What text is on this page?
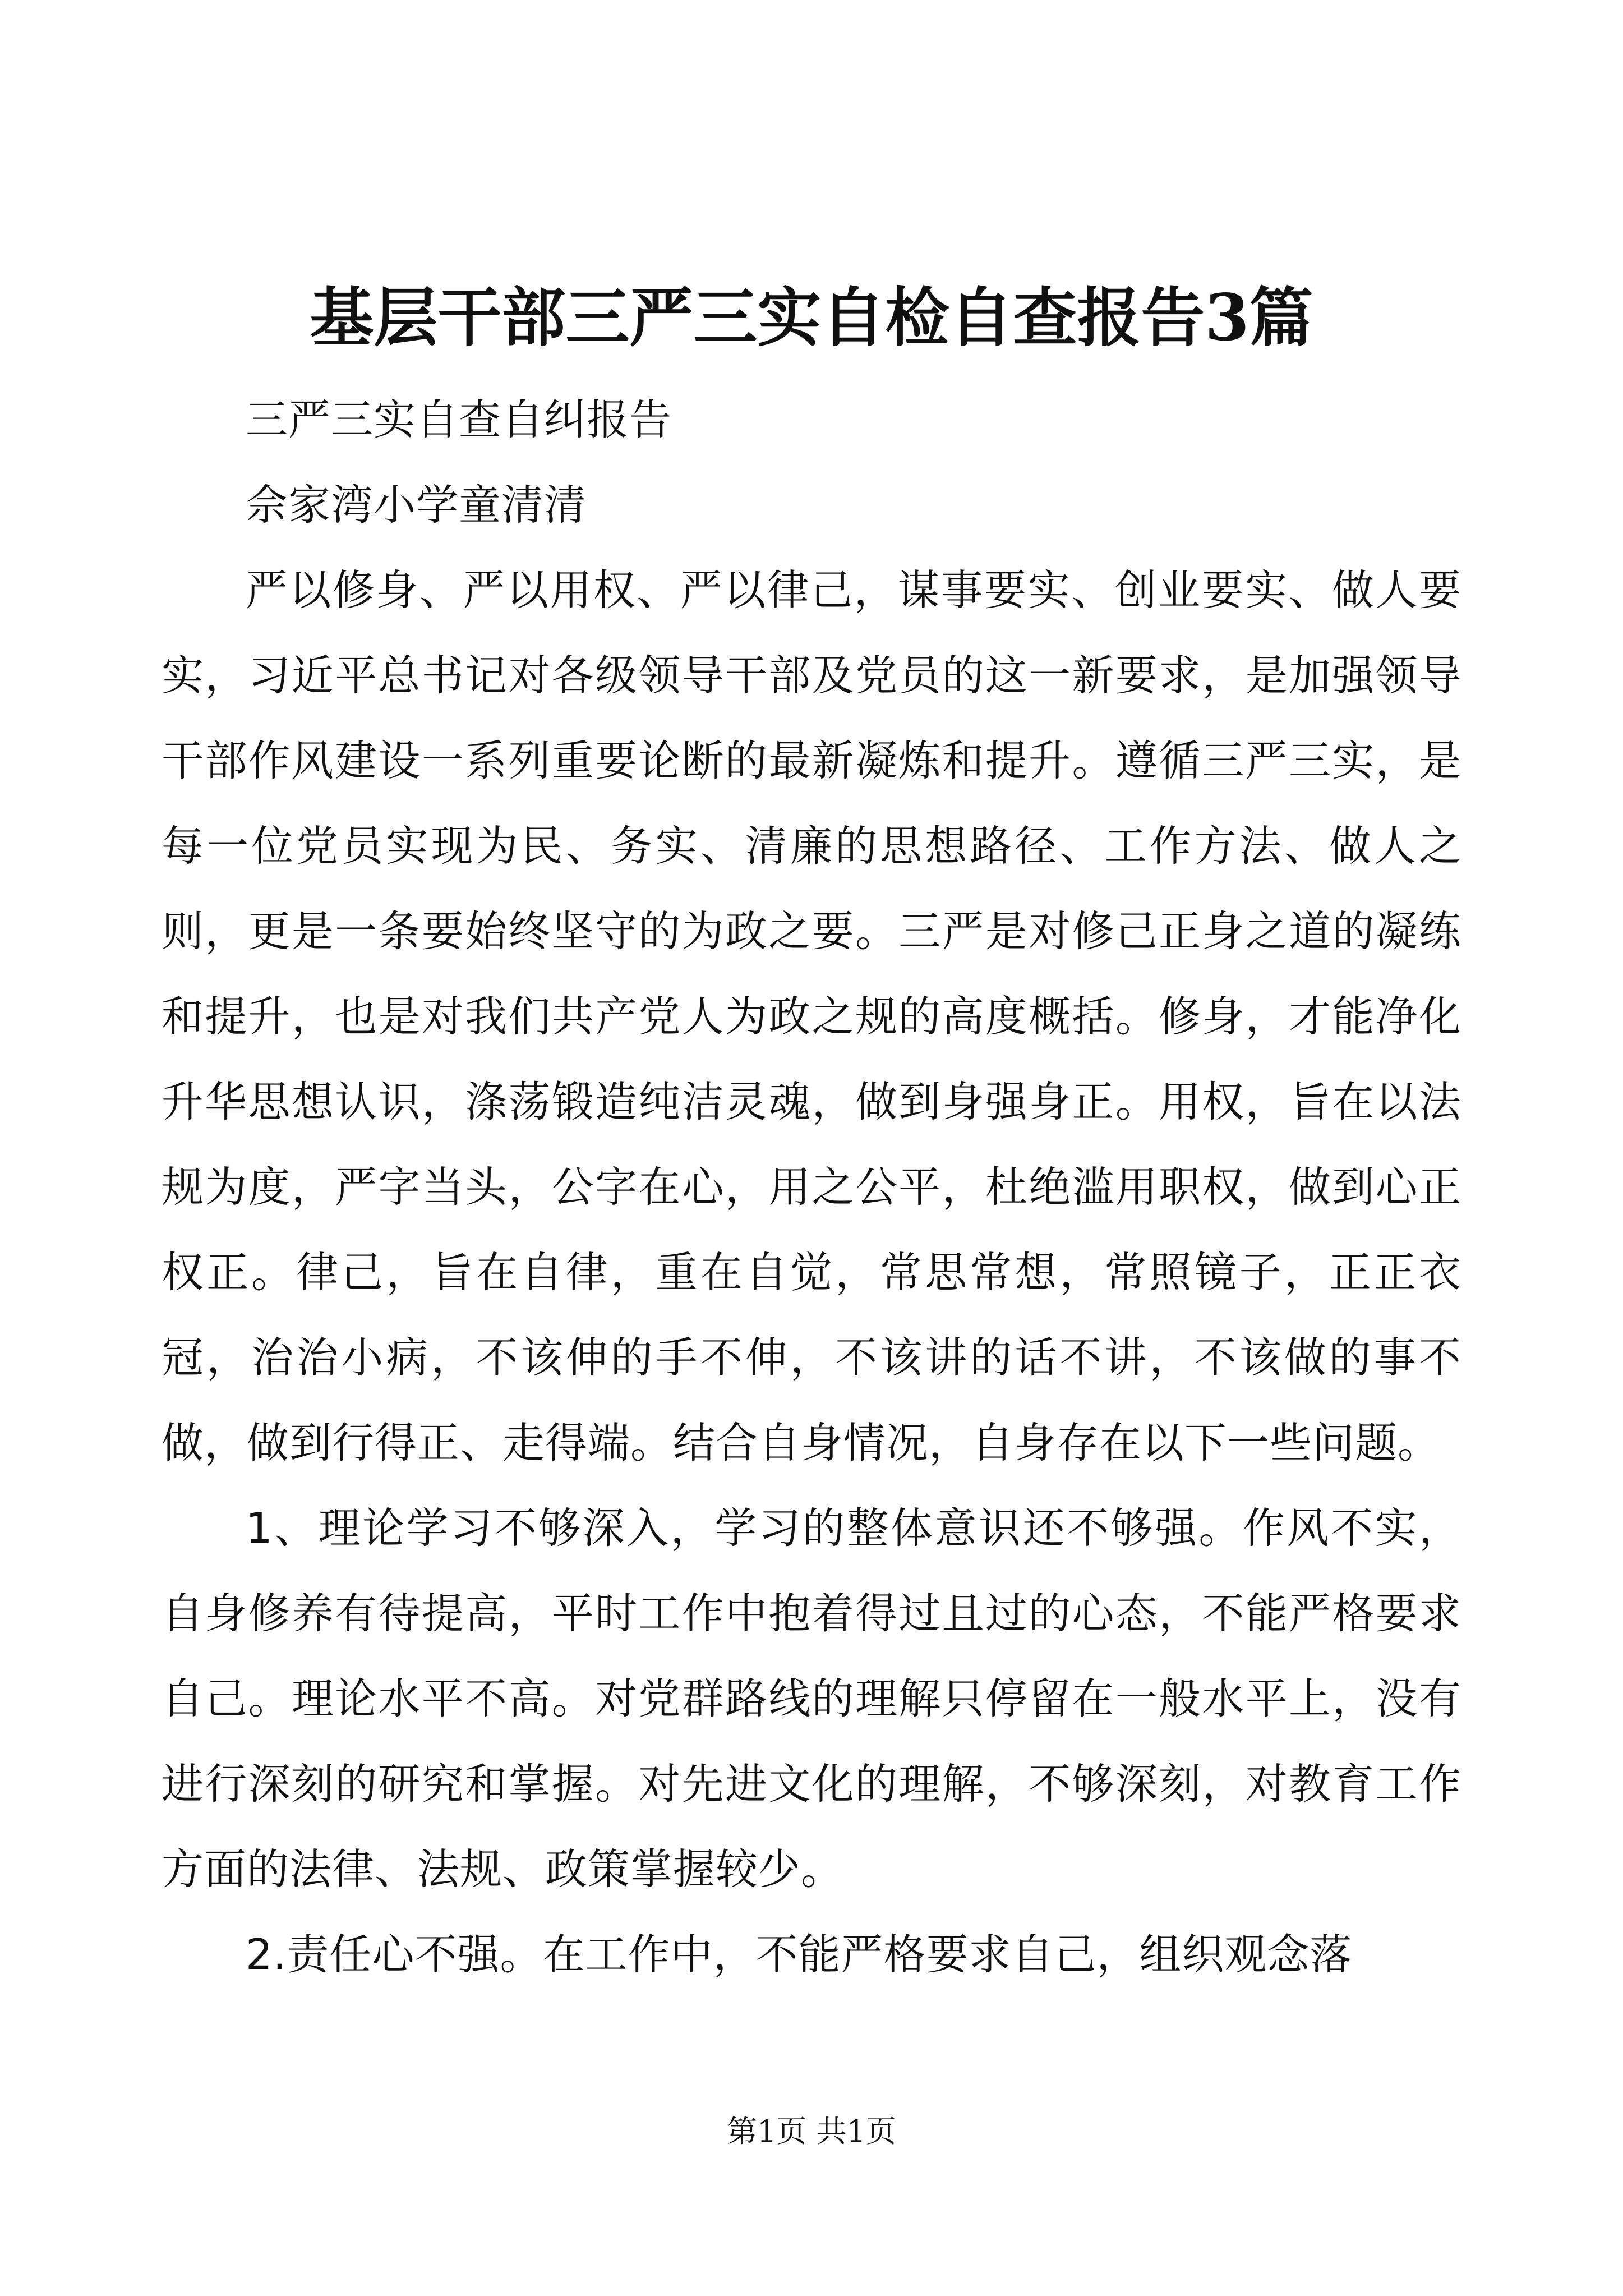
基层干部三严三实自检自查报告3篇

三严三实自查自纠报告

佘家湾小学童清清

严以修身、严以用权、严以律己，谋事要实、创业要实、做人要实，习近平总书记对各级领导干部及党员的这一新要求，是加强领导干部作风建设一系列重要论断的最新凝炼和提升。遵循三严三实，是每一位党员实现为民、务实、清廉的思想路径、工作方法、做人之则，更是一条要始终坚守的为政之要。三严是对修己正身之道的凝练和提升，也是对我们共产党人为政之规的高度概括。修身，才能净化升华思想认识，涤荡锻造纯洁灵魂，做到身强身正。用权，旨在以法规为度，严字当头，公字在心，用之公平，杜绝滥用职权，做到心正权正。律己，旨在自律，重在自觉，常思常想，常照镜子，正正衣冠，治治小病，不该伸的手不伸，不该讲的话不讲，不该做的事不做，做到行得正、走得端。结合自身情况，自身存在以下一些问题。

1、理论学习不够深入，学习的整体意识还不够强。作风不实，自身修养有待提高，平时工作中抱着得过且过的心态，不能严格要求自己。理论水平不高。对党群路线的理解只停留在一般水平上，没有进行深刻的研究和掌握。对先进文化的理解，不够深刻，对教育工作方面的法律、法规、政策掌握较少。

2.责任心不强。在工作中，不能严格要求自己，组织观念落

第1页 共1页
